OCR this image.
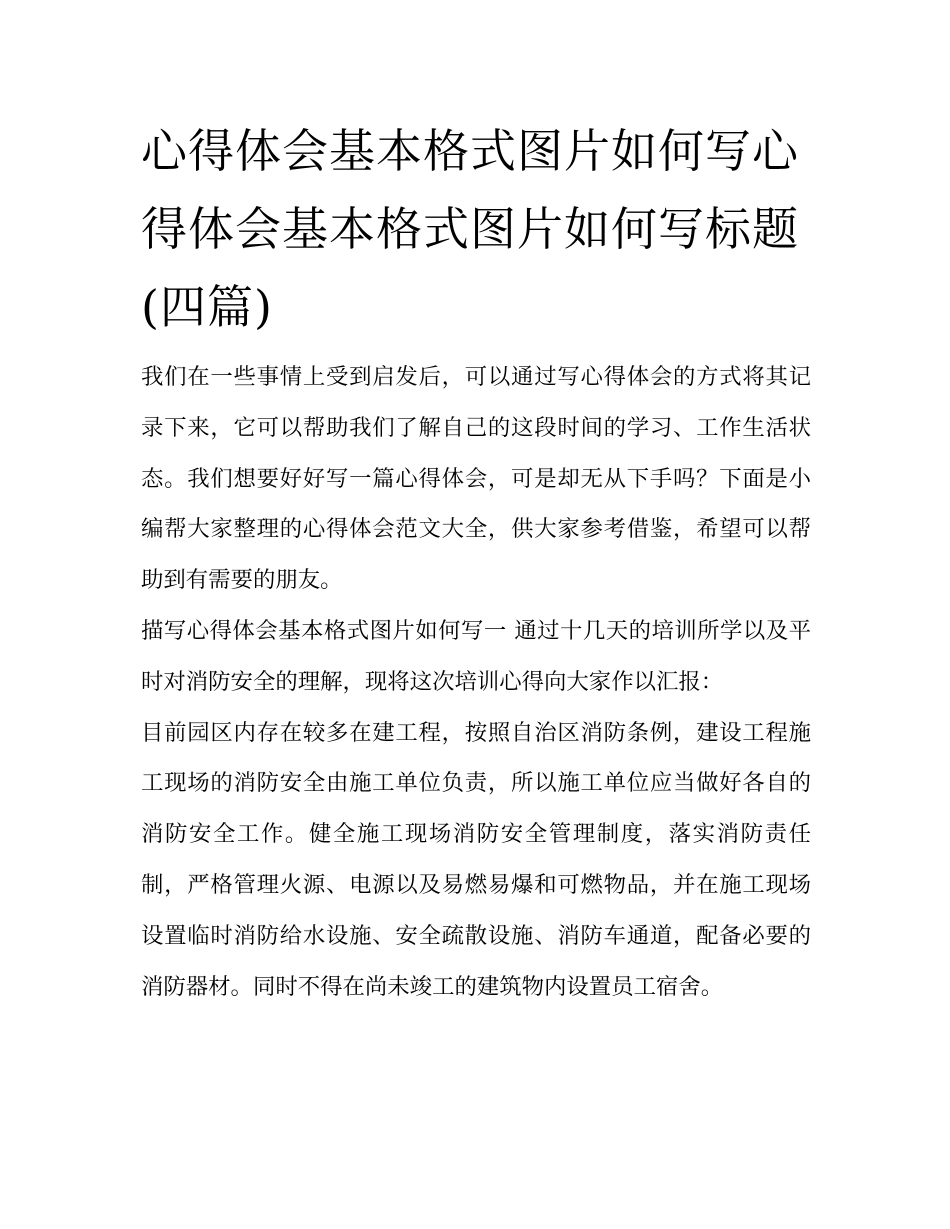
心得体会基本格式图片如何写心得体会基本格式图片如何写标题(四篇)

我们在一些事情上受到启发后，可以通过写心得体会的方式将其记录下来，它可以帮助我们了解自己的这段时间的学习、工作生活状态。我们想要好好写一篇心得体会，可是却无从下手吗？下面是小编帮大家整理的心得体会范文大全，供大家参考借鉴，希望可以帮助到有需要的朋友。

描写心得体会基本格式图片如何写一 通过十几天的培训所学以及平时对消防安全的理解，现将这次培训心得向大家作以汇报：

目前园区内存在较多在建工程，按照自治区消防条例，建设工程施工现场的消防安全由施工单位负责，所以施工单位应当做好各自的消防安全工作。健全施工现场消防安全管理制度，落实消防责任制，严格管理火源、电源以及易燃易爆和可燃物品，并在施工现场设置临时消防给水设施、安全疏散设施、消防车通道，配备必要的消防器材。同时不得在尚未竣工的建筑物内设置员工宿舍。
